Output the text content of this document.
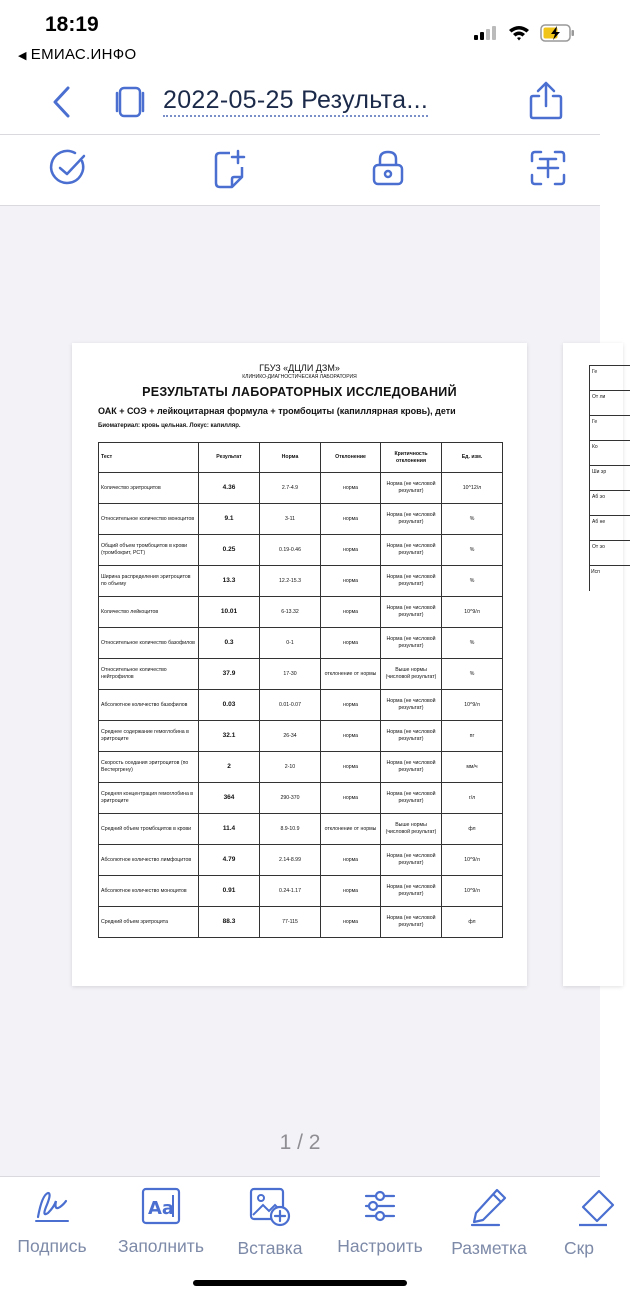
18:19
◀ ЕМИАС.ИНФО
2022-05-25 Результа...
ГБУЗ «ДЦЛИ ДЗМ»
КЛИНИКО-ДИАГНОСТИЧЕСКАЯ ЛАБОРАТОРИЯ
РЕЗУЛЬТАТЫ ЛАБОРАТОРНЫХ ИССЛЕДОВАНИЙ
ОАК + СОЭ + лейкоцитарная формула + тромбоциты (капиллярная кровь), дети
Биоматериал: кровь цельная. Локус: капилляр.
Тест	Результат	Норма	Отклонение	Критичность отклонения	Ед. изм.
Количество эритроцитов	4.36	2.7-4.9	норма	Норма (не числовой результат)	10^12/л
Относительное количество моноцитов	9.1	3-11	норма	Норма (не числовой результат)	%
Общий объем тромбоцитов в крови (тромбокрит, PCT)	0.25	0.19-0.46	норма	Норма (не числовой результат)	%
Ширина распределения эритроцитов по объему	13.3	12.2-15.3	норма	Норма (не числовой результат)	%
Количество лейкоцитов	10.01	6-13.32	норма	Норма (не числовой результат)	10^9/л
Относительное количество базофилов	0.3	0-1	норма	Норма (не числовой результат)	%
Относительное количество нейтрофилов	37.9	17-30	отклонение от нормы	Выше нормы (числовой результат)	%
Абсолютное количество базофилов	0.03	0.01-0.07	норма	Норма (не числовой результат)	10^9/л
Среднее содержание гемоглобина в эритроците	32.1	26-34	норма	Норма (не числовой результат)	пг
Скорость оседания эритроцитов (по Вестергрену)	2	2-10	норма	Норма (не числовой результат)	мм/ч
Средняя концентрация гемоглобина в эритроците	364	290-370	норма	Норма (не числовой результат)	г/л
Средний объем тромбоцитов в крови	11.4	8.9-10.9	отклонение от нормы	Выше нормы (числовой результат)	фл
Абсолютное количество лимфоцитов	4.79	2.14-8.99	норма	Норма (не числовой результат)	10^9/л
Абсолютное количество моноцитов	0.91	0.24-1.17	норма	Норма (не числовой результат)	10^9/л
Средний объем эритроцита	88.3	77-115	норма	Норма (не числовой результат)	фл
Ге
От ли
Ге
Ко
Ши эр
Аб эо
Аб не
От эо
Исп
1 / 2
Подпись
Aa
Заполнить	Вставка	Настроить	Разметка	Скр
